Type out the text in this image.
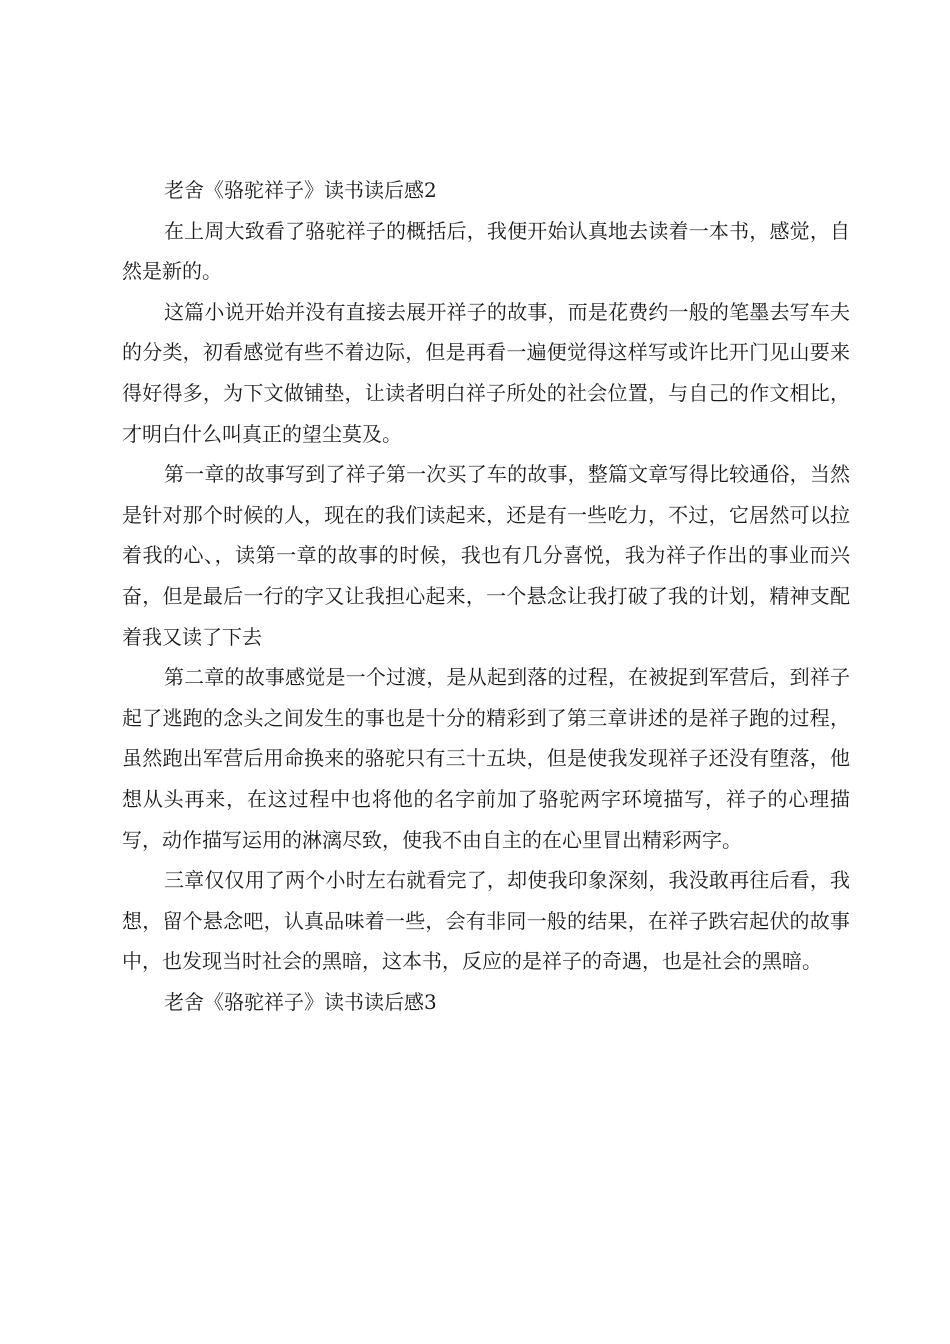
老舍《骆驼祥子》读书读后感2

在上周大致看了骆驼祥子的概括后，我便开始认真地去读着一本书，感觉，自然是新的。

这篇小说开始并没有直接去展开祥子的故事，而是花费约一般的笔墨去写车夫的分类，初看感觉有些不着边际，但是再看一遍便觉得这样写或许比开门见山要来得好得多，为下文做铺垫，让读者明白祥子所处的社会位置，与自己的作文相比，才明白什么叫真正的望尘莫及。

第一章的故事写到了祥子第一次买了车的故事，整篇文章写得比较通俗，当然是针对那个时候的人，现在的我们读起来，还是有一些吃力，不过，它居然可以拉着我的心、，读第一章的故事的时候，我也有几分喜悦，我为祥子作出的事业而兴奋，但是最后一行的字又让我担心起来，一个悬念让我打破了我的计划，精神支配着我又读了下去

第二章的故事感觉是一个过渡，是从起到落的过程，在被捉到军营后，到祥子起了逃跑的念头之间发生的事也是十分的精彩到了第三章讲述的是祥子跑的过程，虽然跑出军营后用命换来的骆驼只有三十五块，但是使我发现祥子还没有堕落，他想从头再来，在这过程中也将他的名字前加了骆驼两字环境描写，祥子的心理描写，动作描写运用的淋漓尽致，使我不由自主的在心里冒出精彩两字。

三章仅仅用了两个小时左右就看完了，却使我印象深刻，我没敢再往后看，我想，留个悬念吧，认真品味着一些，会有非同一般的结果，在祥子跌宕起伏的故事中，也发现当时社会的黑暗，这本书，反应的是祥子的奇遇，也是社会的黑暗。

老舍《骆驼祥子》读书读后感3
